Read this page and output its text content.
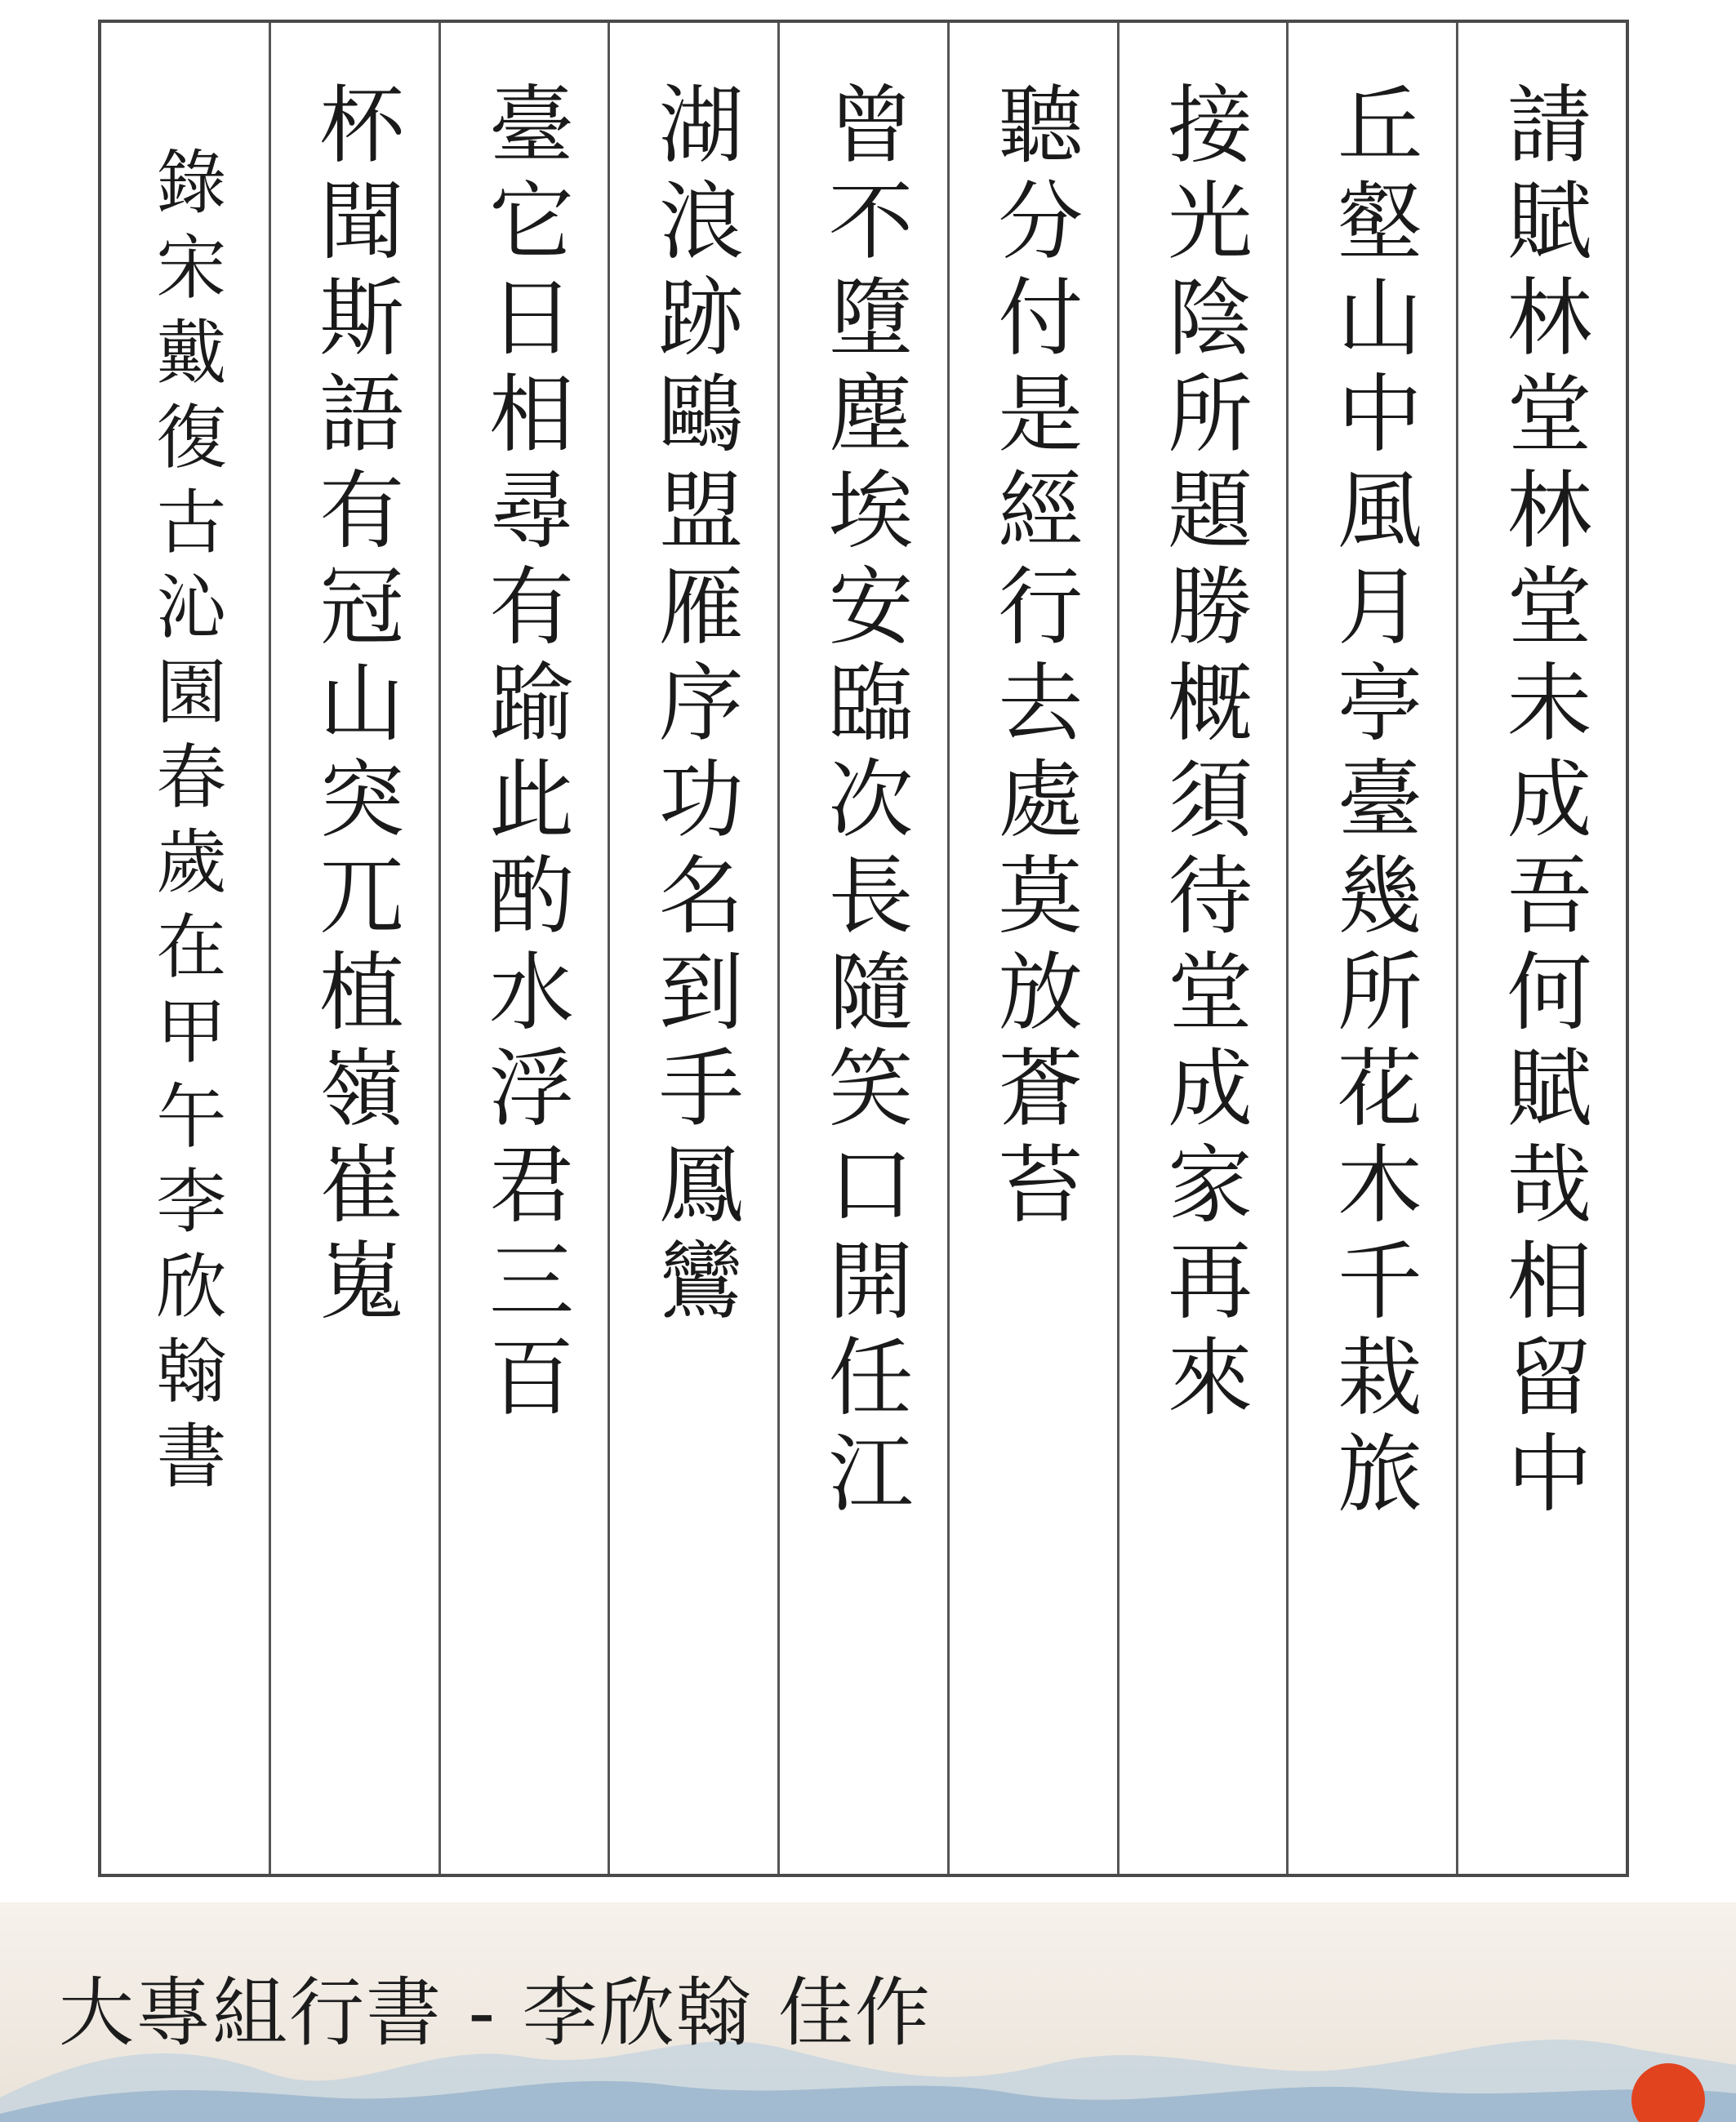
錄宋戴復古沁園春歲在甲午李欣翰書 杯聞斯語有冠山突兀植嶺崔嵬 臺它日相尋有踰此酌水浮君三百 湖浪跡鷗盟雁序功名到手鳳鸞 曾不墮塵埃安臨次長隨笑口開任江 聽分付是經行去處莫放蒼苔 接光陰所題勝概須待堂成家再來 丘壑山中風月亭臺幾所花木千栽旅 請賦林堂林堂未成吾何賦哉相留中
大專組行書 - 李欣翰 佳作
